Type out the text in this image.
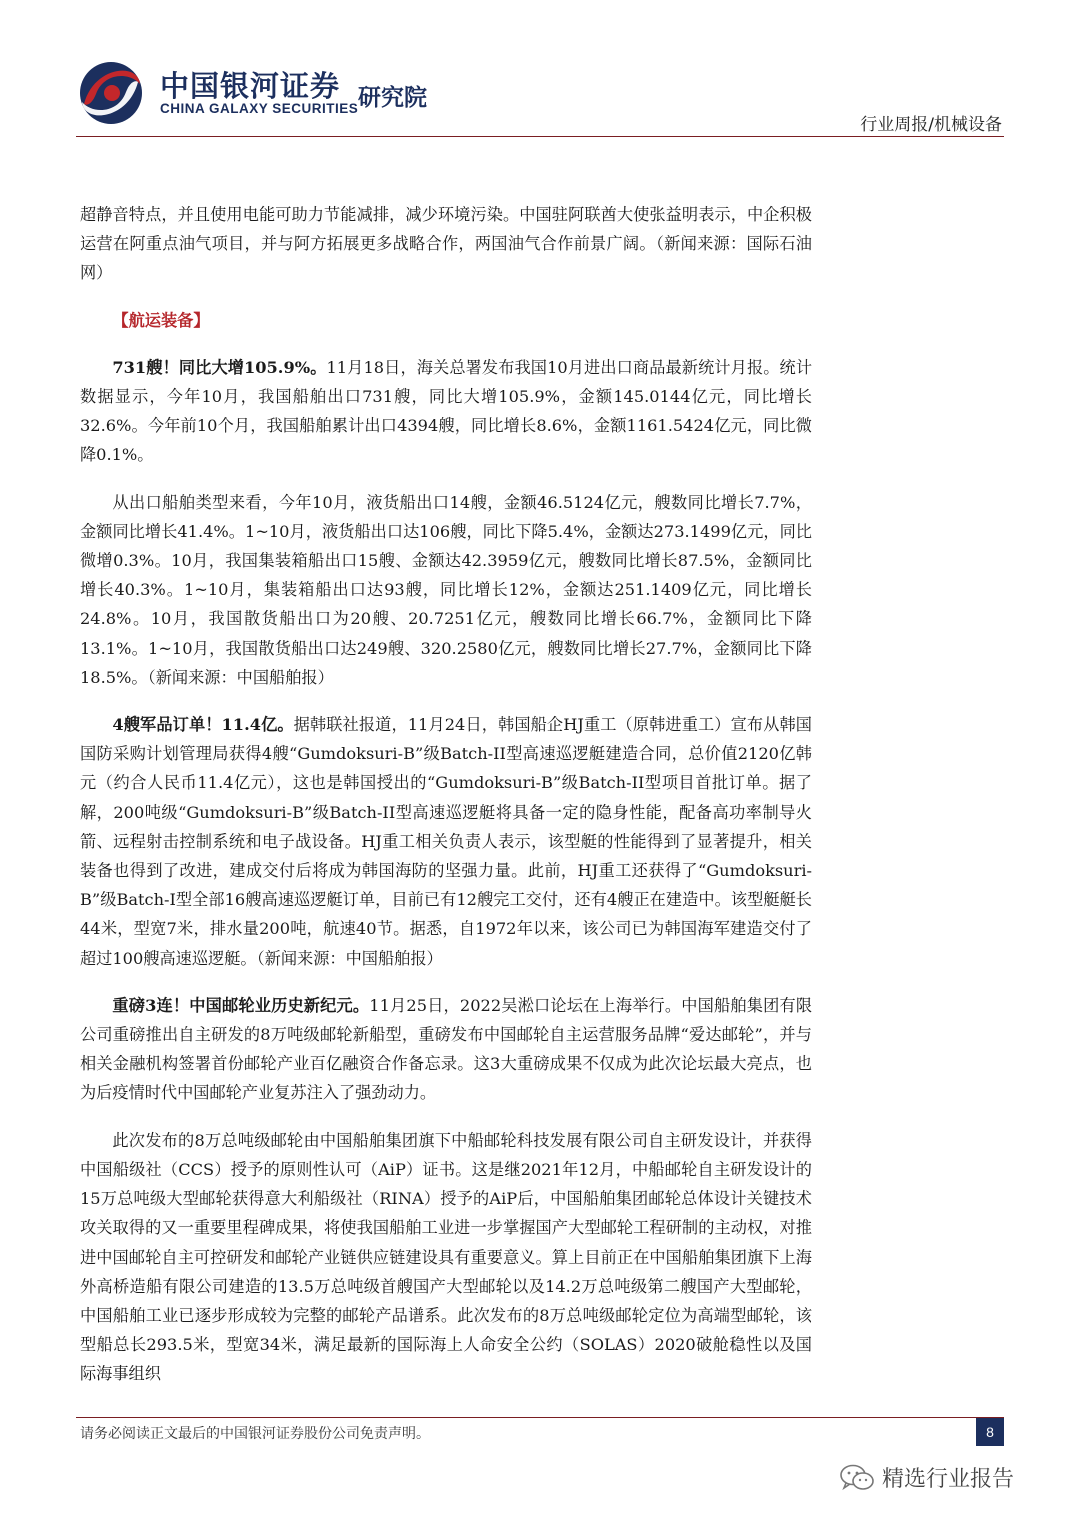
中国银河证券
CHINA GALAXY SECURITIES 研究院
行业周报/机械设备

超静音特点，并且使用电能可助力节能减排，减少环境污染。中国驻阿联酋大使张益明表示，中企积极运营在阿重点油气项目，并与阿方拓展更多战略合作，两国油气合作前景广阔。（新闻来源：国际石油网）

【航运装备】

731艘！同比大增105.9%。11月18日，海关总署发布我国10月进出口商品最新统计月报。统计数据显示，今年10月，我国船舶出口731艘，同比大增105.9%，金额145.0144亿元，同比增长32.6%。今年前10个月，我国船舶累计出口4394艘，同比增长8.6%，金额1161.5424亿元，同比微降0.1%。

从出口船舶类型来看，今年10月，液货船出口14艘，金额46.5124亿元，艘数同比增长7.7%，金额同比增长41.4%。1~10月，液货船出口达106艘，同比下降5.4%，金额达273.1499亿元，同比微增0.3%。10月，我国集装箱船出口15艘、金额达42.3959亿元，艘数同比增长87.5%，金额同比增长40.3%。1~10月，集装箱船出口达93艘，同比增长12%，金额达251.1409亿元，同比增长24.8%。10月，我国散货船出口为20艘、20.7251亿元，艘数同比增长66.7%，金额同比下降13.1%。1~10月，我国散货船出口达249艘、320.2580亿元，艘数同比增长27.7%，金额同比下降18.5%。（新闻来源：中国船舶报）

4艘军品订单！11.4亿。据韩联社报道，11月24日，韩国船企HJ重工（原韩进重工）宣布从韩国国防采购计划管理局获得4艘“Gumdoksuri-B”级Batch-II型高速巡逻艇建造合同，总价值2120亿韩元（约合人民币11.4亿元），这也是韩国授出的“Gumdoksuri-B”级Batch-II型项目首批订单。据了解，200吨级“Gumdoksuri-B”级Batch-II型高速巡逻艇将具备一定的隐身性能，配备高功率制导火箭、远程射击控制系统和电子战设备。HJ重工相关负责人表示，该型艇的性能得到了显著提升，相关装备也得到了改进，建成交付后将成为韩国海防的坚强力量。此前，HJ重工还获得了“Gumdoksuri-B”级Batch-I型全部16艘高速巡逻艇订单，目前已有12艘完工交付，还有4艘正在建造中。该型艇艇长44米，型宽7米，排水量200吨，航速40节。据悉，自1972年以来，该公司已为韩国海军建造交付了超过100艘高速巡逻艇。（新闻来源：中国船舶报）

重磅3连！中国邮轮业历史新纪元。11月25日，2022吴淞口论坛在上海举行。中国船舶集团有限公司重磅推出自主研发的8万吨级邮轮新船型，重磅发布中国邮轮自主运营服务品牌“爱达邮轮”，并与相关金融机构签署首份邮轮产业百亿融资合作备忘录。这3大重磅成果不仅成为此次论坛最大亮点，也为后疫情时代中国邮轮产业复苏注入了强劲动力。

此次发布的8万总吨级邮轮由中国船舶集团旗下中船邮轮科技发展有限公司自主研发设计，并获得中国船级社（CCS）授予的原则性认可（AiP）证书。这是继2021年12月，中船邮轮自主研发设计的15万总吨级大型邮轮获得意大利船级社（RINA）授予的AiP后，中国船舶集团邮轮总体设计关键技术攻关取得的又一重要里程碑成果，将使我国船舶工业进一步掌握国产大型邮轮工程研制的主动权，对推进中国邮轮自主可控研发和邮轮产业链供应链建设具有重要意义。算上目前正在中国船舶集团旗下上海外高桥造船有限公司建造的13.5万总吨级首艘国产大型邮轮以及14.2万总吨级第二艘国产大型邮轮，中国船舶工业已逐步形成较为完整的邮轮产品谱系。此次发布的8万总吨级邮轮定位为高端型邮轮，该型船总长293.5米，型宽34米，满足最新的国际海上人命安全公约（SOLAS）2020破舱稳性以及国际海事组织

请务必阅读正文最后的中国银河证券股份公司免责声明。	8
精选行业报告
